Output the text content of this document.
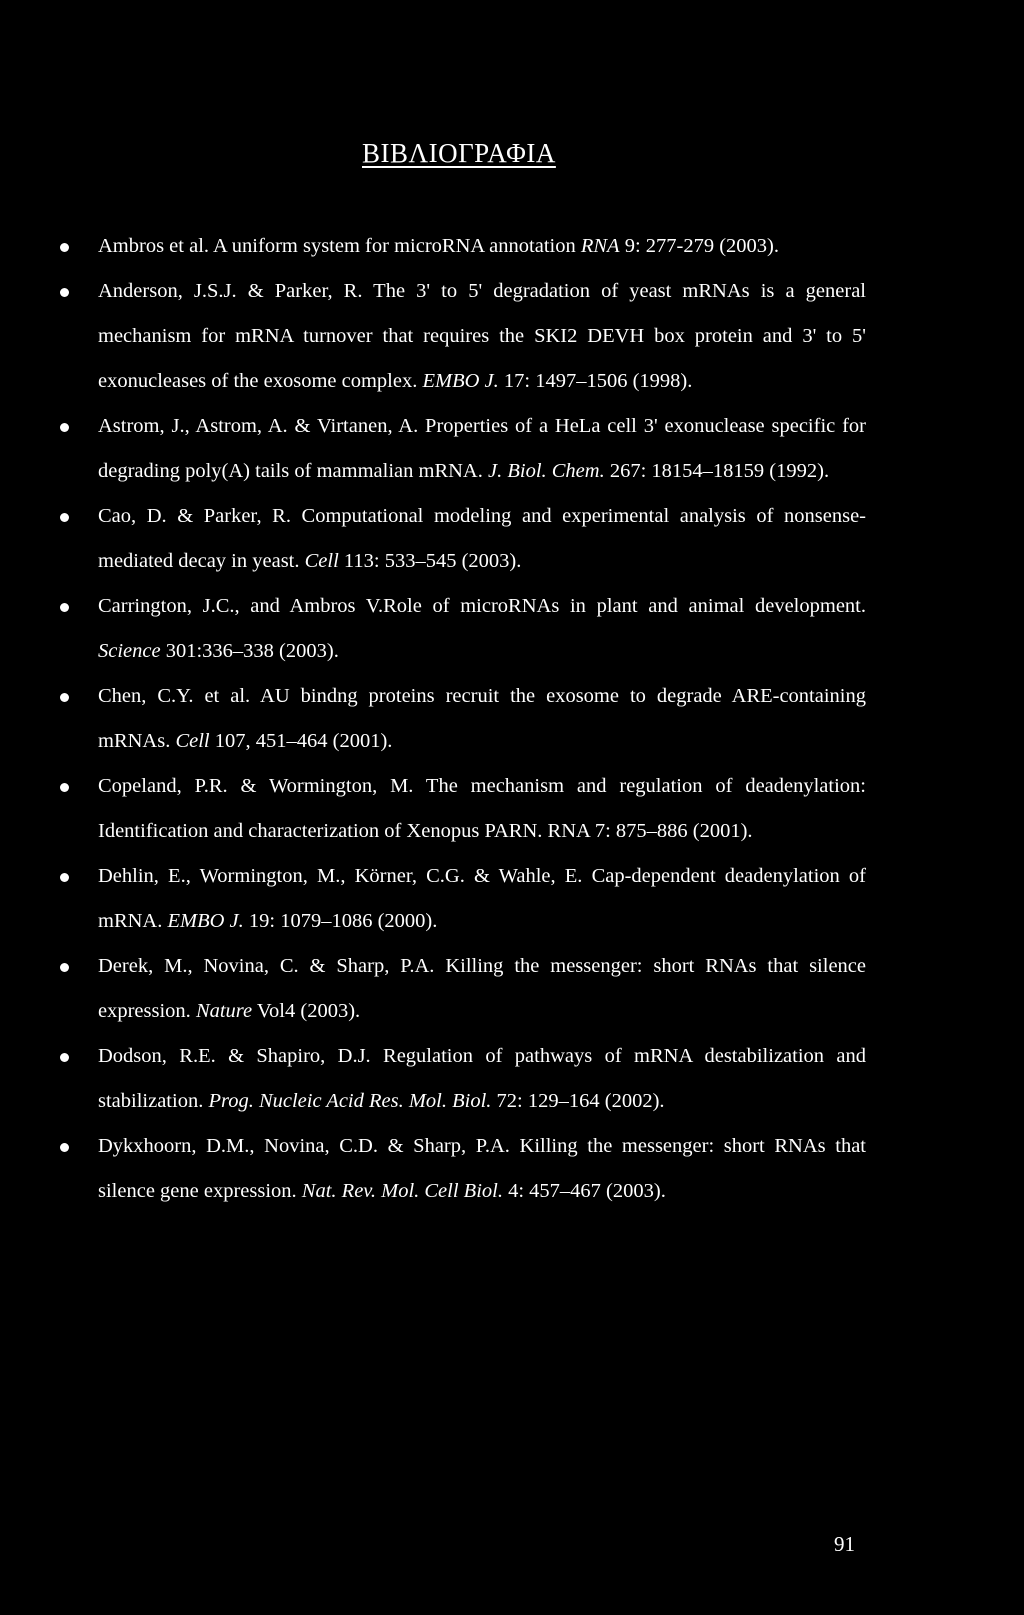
ΒΙΒΛΙΟΓΡΑΦΙΑ
Ambros et al. A uniform system for microRNA annotation RNA 9: 277-279 (2003).
Anderson, J.S.J. & Parker, R. The 3' to 5' degradation of yeast mRNAs is a general mechanism for mRNA turnover that requires the SKI2 DEVH box protein and 3' to 5' exonucleases of the exosome complex. EMBO J. 17: 1497–1506 (1998).
Astrom, J., Astrom, A. & Virtanen, A. Properties of a HeLa cell 3' exonuclease specific for degrading poly(A) tails of mammalian mRNA. J. Biol. Chem. 267: 18154–18159 (1992).
Cao, D. & Parker, R. Computational modeling and experimental analysis of nonsense-mediated decay in yeast. Cell 113: 533–545 (2003).
Carrington, J.C., and Ambros V.Role of microRNAs in plant and animal development. Science 301:336–338 (2003).
Chen, C.Y. et al. AU bindng proteins recruit the exosome to degrade ARE-containing mRNAs. Cell 107, 451–464 (2001).
Copeland, P.R. & Wormington, M. The mechanism and regulation of deadenylation: Identification and characterization of Xenopus PARN. RNA 7: 875–886 (2001).
Dehlin, E., Wormington, M., Körner, C.G. & Wahle, E. Cap-dependent deadenylation of mRNA. EMBO J. 19: 1079–1086 (2000).
Derek, M., Novina, C. & Sharp, P.A. Killing the messenger: short RNAs that silence expression. Nature Vol4 (2003).
Dodson, R.E. & Shapiro, D.J. Regulation of pathways of mRNA destabilization and stabilization. Prog. Nucleic Acid Res. Mol. Biol. 72: 129–164 (2002).
Dykxhoorn, D.M., Novina, C.D. & Sharp, P.A. Killing the messenger: short RNAs that silence gene expression. Nat. Rev. Mol. Cell Biol. 4: 457–467 (2003).
91
